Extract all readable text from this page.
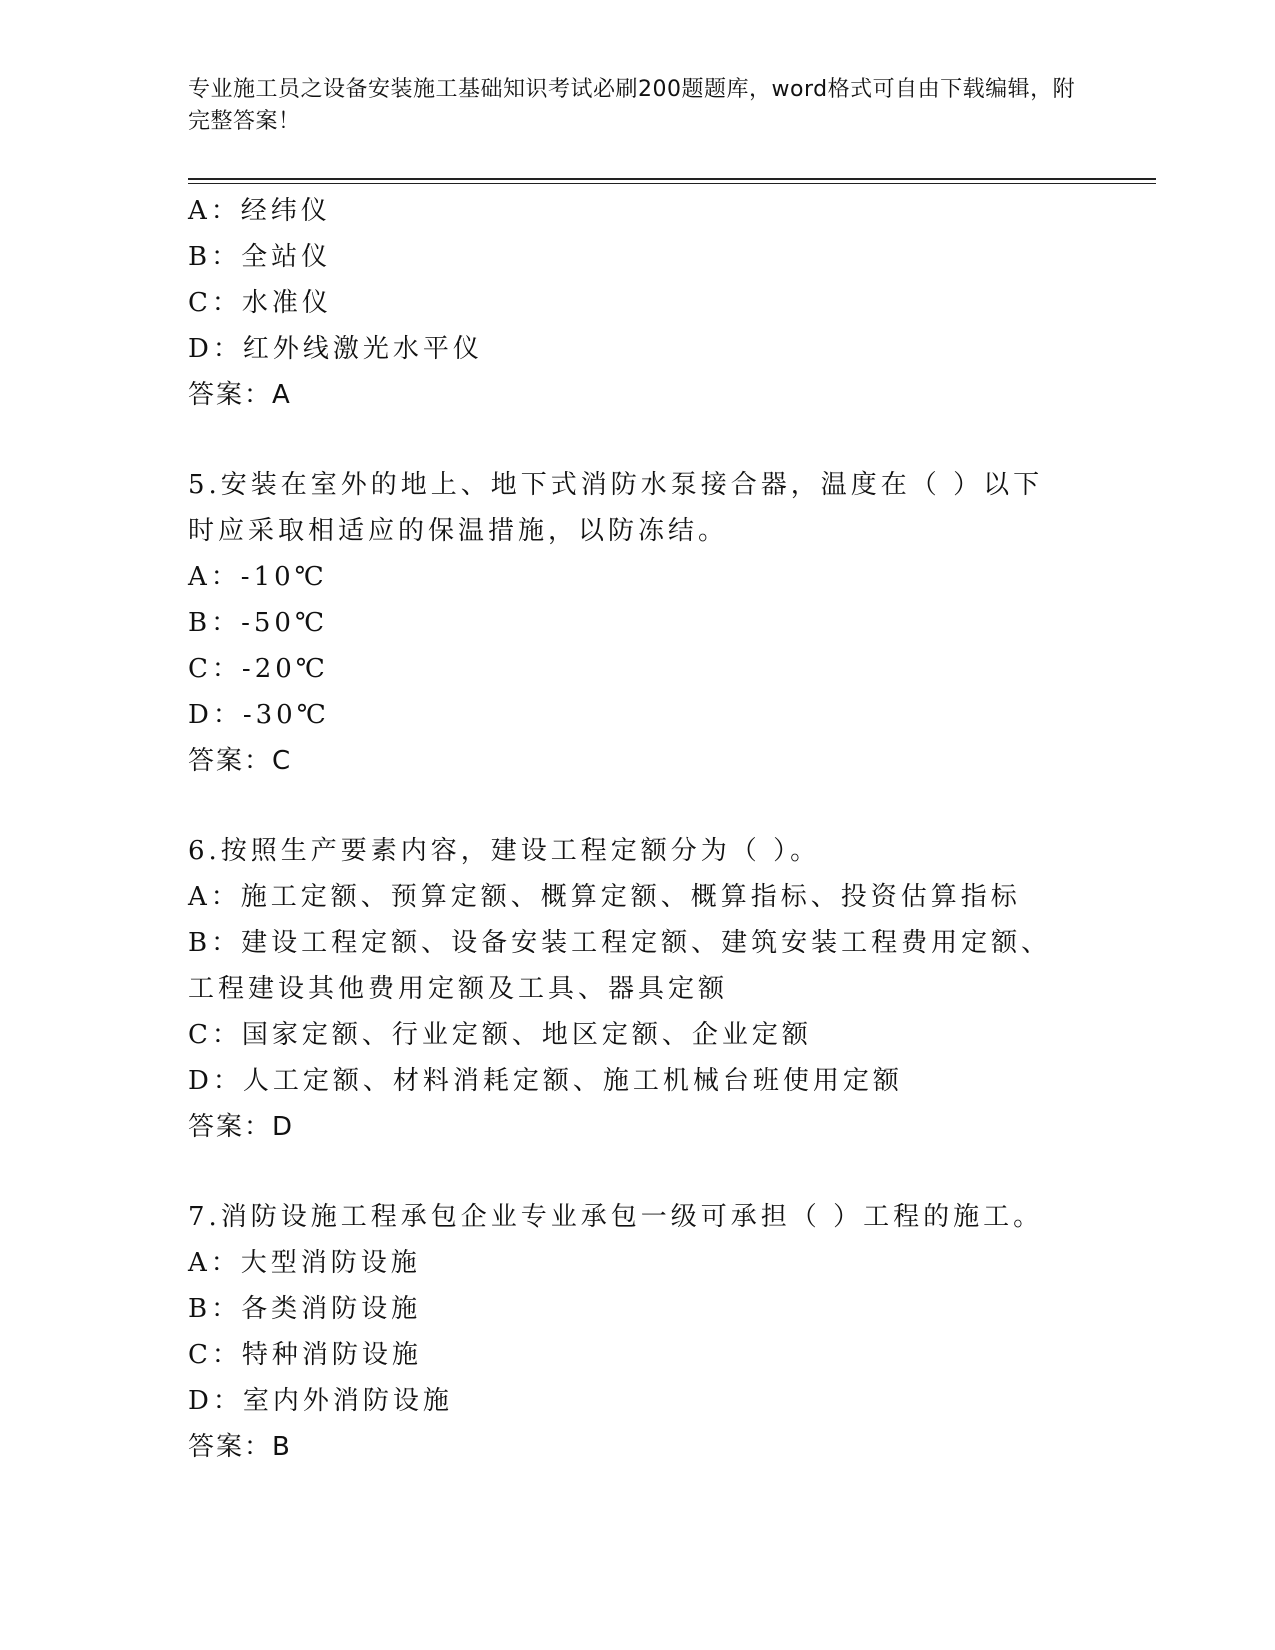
专业施工员之设备安装施工基础知识考试必刷200题题库，word格式可自由下载编辑，附完整答案！
A：经纬仪
B：全站仪
C：水准仪
D：红外线激光水平仪
答案：A
5.安装在室外的地上、地下式消防水泵接合器，温度在（ ）以下时应采取相适应的保温措施，以防冻结。
A：-10℃
B：-50℃
C：-20℃
D：-30℃
答案：C
6.按照生产要素内容，建设工程定额分为（ ）。
A：施工定额、预算定额、概算定额、概算指标、投资估算指标
B：建设工程定额、设备安装工程定额、建筑安装工程费用定额、工程建设其他费用定额及工具、器具定额
C：国家定额、行业定额、地区定额、企业定额
D：人工定额、材料消耗定额、施工机械台班使用定额
答案：D
7.消防设施工程承包企业专业承包一级可承担（ ）工程的施工。
A：大型消防设施
B：各类消防设施
C：特种消防设施
D：室内外消防设施
答案：B
